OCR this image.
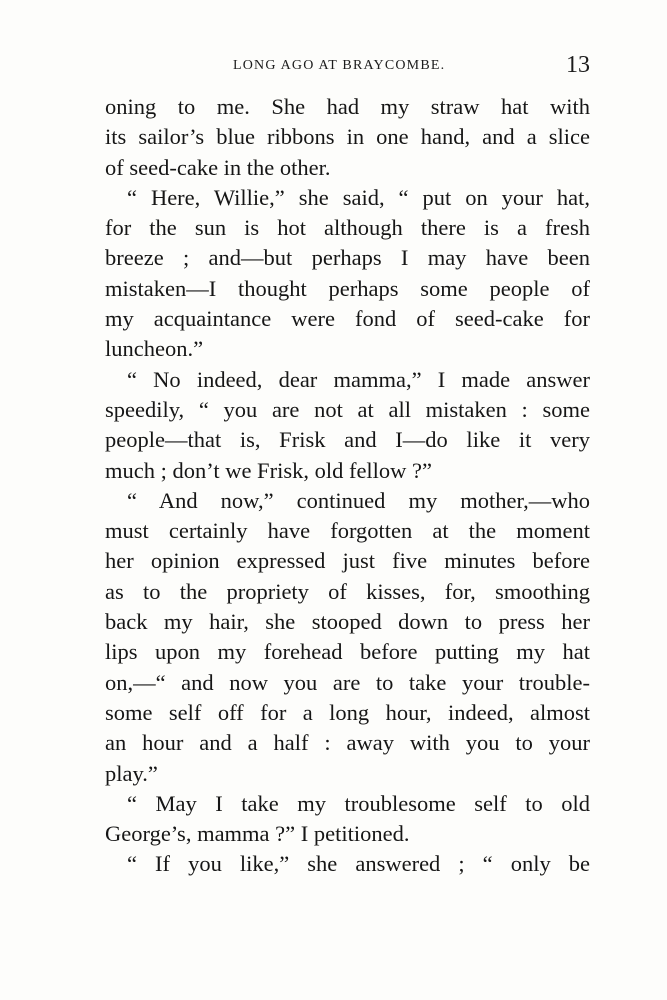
LONG AGO AT BRAYCOMBE.	13
oning to me. She had my straw hat with
its sailor’s blue ribbons in one hand, and a slice
of seed-cake in the other.
“ Here, Willie,” she said, “ put on your hat,
for the sun is hot although there is a fresh
breeze ; and—but perhaps I may have been
mistaken—I thought perhaps some people of
my acquaintance were fond of seed-cake for
luncheon.”
“ No indeed, dear mamma,” I made answer
speedily, “ you are not at all mistaken : some
people—that is, Frisk and I—do like it very
much ; don’t we Frisk, old fellow ?”
“ And now,” continued my mother,—who
must certainly have forgotten at the moment
her opinion expressed just five minutes before
as to the propriety of kisses, for, smoothing
back my hair, she stooped down to press her
lips upon my forehead before putting my hat
on,—“ and now you are to take your trouble-
some self off for a long hour, indeed, almost
an hour and a half : away with you to your
play.”
“ May I take my troublesome self to old
George’s, mamma ?” I petitioned.
“ If you like,” she answered ; “ only be
